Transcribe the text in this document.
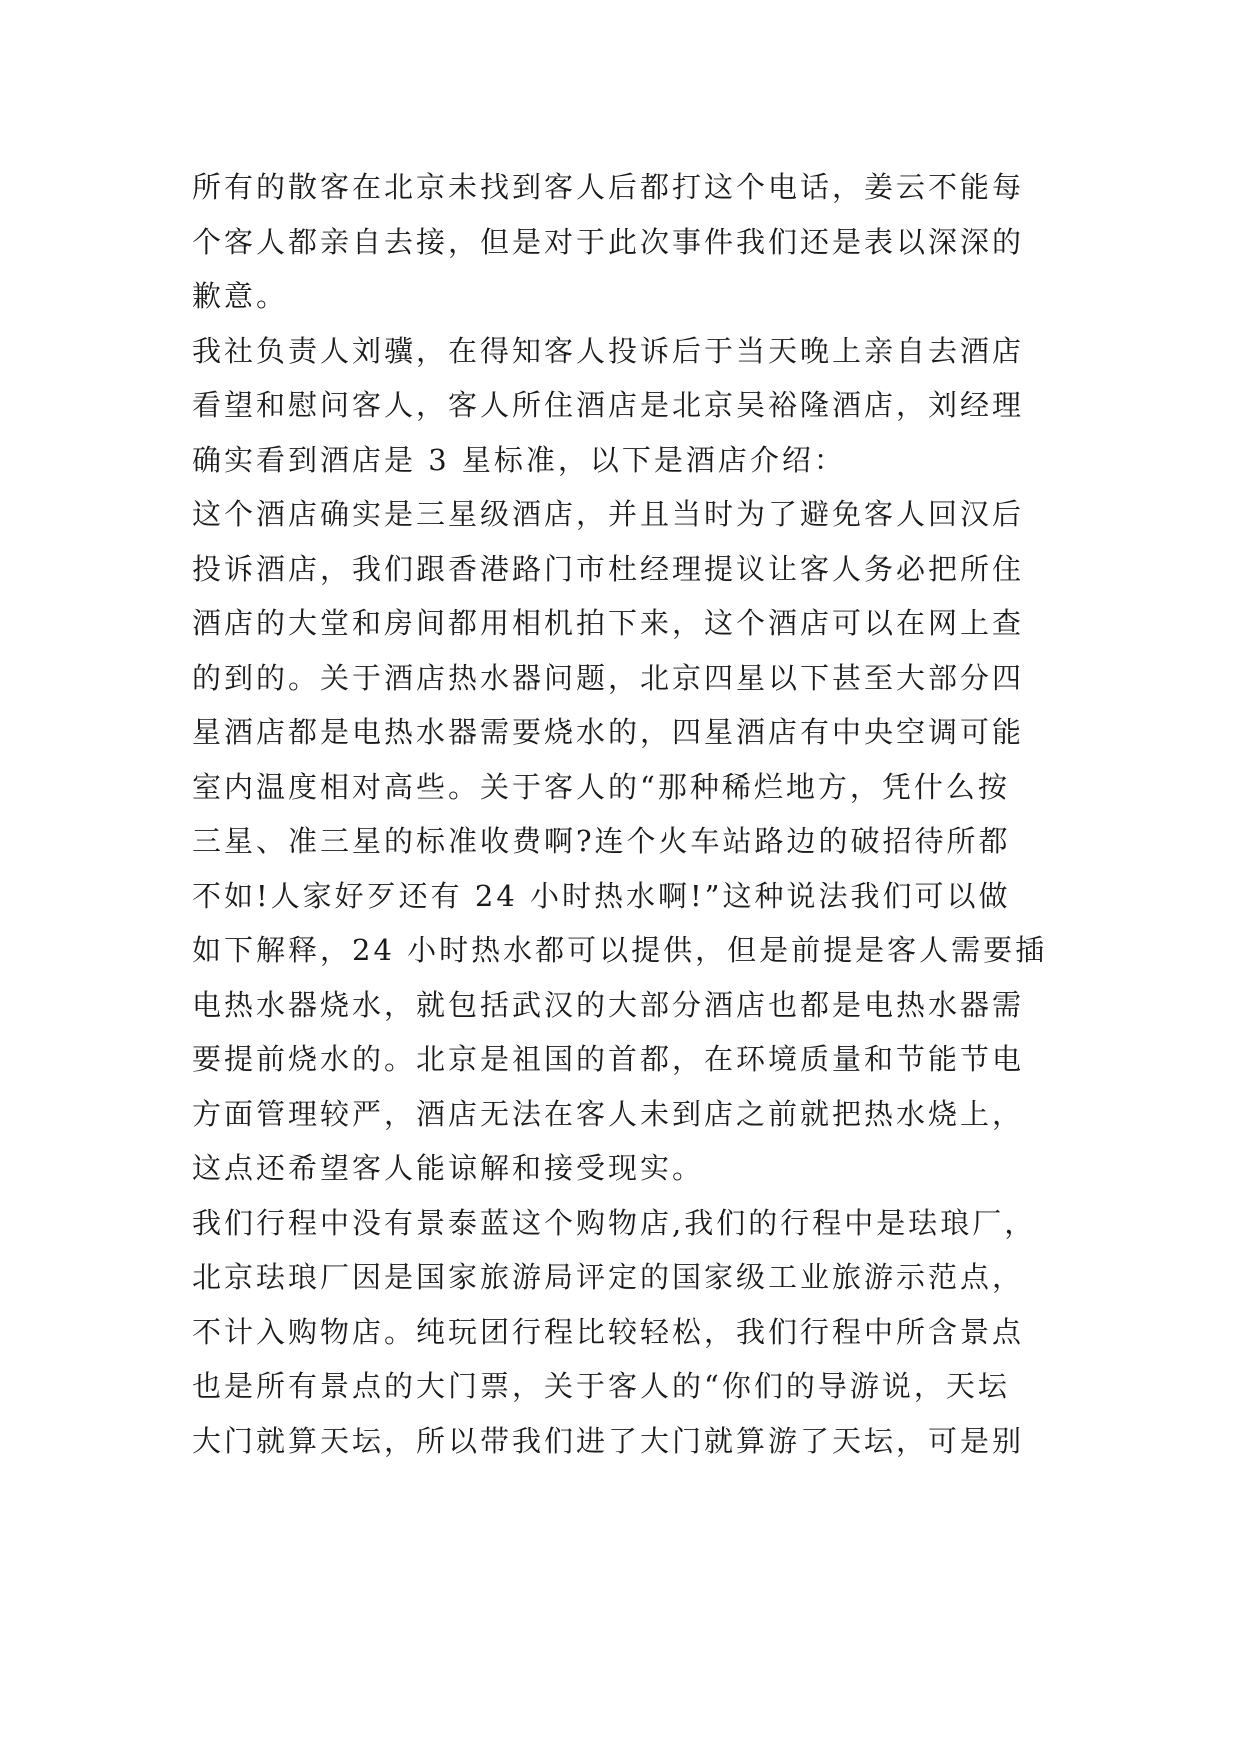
所有的散客在北京未找到客人后都打这个电话，姜云不能每
个客人都亲自去接，但是对于此次事件我们还是表以深深的
歉意。
我社负责人刘骥，在得知客人投诉后于当天晚上亲自去酒店
看望和慰问客人，客人所住酒店是北京吴裕隆酒店，刘经理
确实看到酒店是 3 星标准，以下是酒店介绍：
这个酒店确实是三星级酒店，并且当时为了避免客人回汉后
投诉酒店，我们跟香港路门市杜经理提议让客人务必把所住
酒店的大堂和房间都用相机拍下来，这个酒店可以在网上查
的到的。关于酒店热水器问题，北京四星以下甚至大部分四
星酒店都是电热水器需要烧水的，四星酒店有中央空调可能
室内温度相对高些。关于客人的“那种稀烂地方，凭什么按
三星、准三星的标准收费啊?连个火车站路边的破招待所都
不如!人家好歹还有 24 小时热水啊!”这种说法我们可以做
如下解释，24 小时热水都可以提供，但是前提是客人需要插
电热水器烧水，就包括武汉的大部分酒店也都是电热水器需
要提前烧水的。北京是祖国的首都，在环境质量和节能节电
方面管理较严，酒店无法在客人未到店之前就把热水烧上，
这点还希望客人能谅解和接受现实。
我们行程中没有景泰蓝这个购物店,我们的行程中是珐琅厂，
北京珐琅厂因是国家旅游局评定的国家级工业旅游示范点，
不计入购物店。纯玩团行程比较轻松，我们行程中所含景点
也是所有景点的大门票，关于客人的“你们的导游说，天坛
大门就算天坛，所以带我们进了大门就算游了天坛，可是别
